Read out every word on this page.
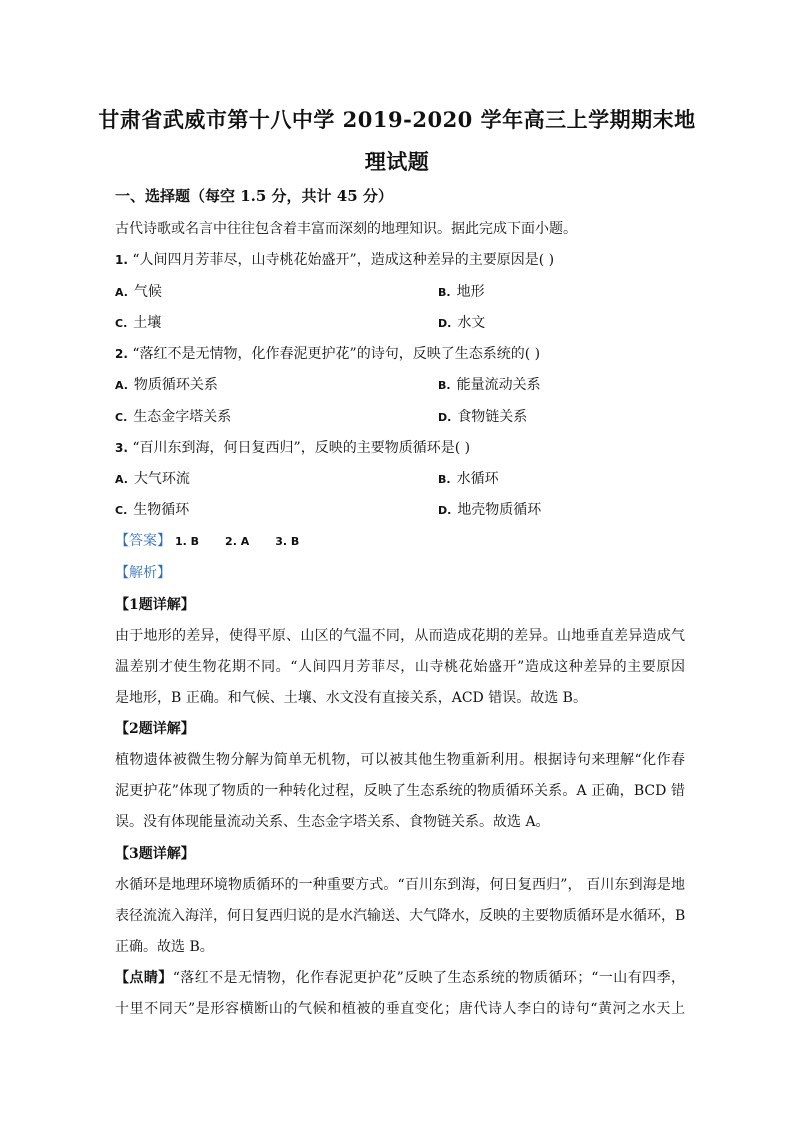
甘肃省武威市第十八中学 2019-2020 学年高三上学期期末地
理试题
一、选择题（每空 1.5 分，共计 45 分）
古代诗歌或名言中往往包含着丰富而深刻的地理知识。据此完成下面小题。
1. “人间四月芳菲尽，山寺桃花始盛开”，造成这种差异的主要原因是( )
A. 气候	B. 地形
C. 土壤	D. 水文
2. “落红不是无情物，化作春泥更护花”的诗句，反映了生态系统的( )
A. 物质循环关系	B. 能量流动关系
C. 生态金字塔关系	D. 食物链关系
3. “百川东到海，何日复西归”，反映的主要物质循环是( )
A. 大气环流	B. 水循环
C. 生物循环	D. 地壳物质循环
【答案】 1. B 2. A 3. B
【解析】
【1题详解】
由于地形的差异，使得平原、山区的气温不同，从而造成花期的差异。山地垂直差异造成气
温差别才使生物花期不同。“人间四月芳菲尽，山寺桃花始盛开”造成这种差异的主要原因
是地形，B 正确。和气候、土壤、水文没有直接关系，ACD 错误。故选 B。
【2题详解】
植物遗体被微生物分解为简单无机物，可以被其他生物重新利用。根据诗句来理解“化作春
泥更护花”体现了物质的一种转化过程，反映了生态系统的物质循环关系。A 正确，BCD 错
误。没有体现能量流动关系、生态金字塔关系、食物链关系。故选 A。
【3题详解】
水循环是地理环境物质循环的一种重要方式。“百川东到海，何日复西归”， 百川东到海是地
表径流流入海洋，何日复西归说的是水汽输送、大气降水，反映的主要物质循环是水循环，B
正确。故选 B。
【点睛】“落红不是无情物，化作春泥更护花”反映了生态系统的物质循环；“一山有四季，
十里不同天”是形容横断山的气候和植被的垂直变化；唐代诗人李白的诗句“黄河之水天上
